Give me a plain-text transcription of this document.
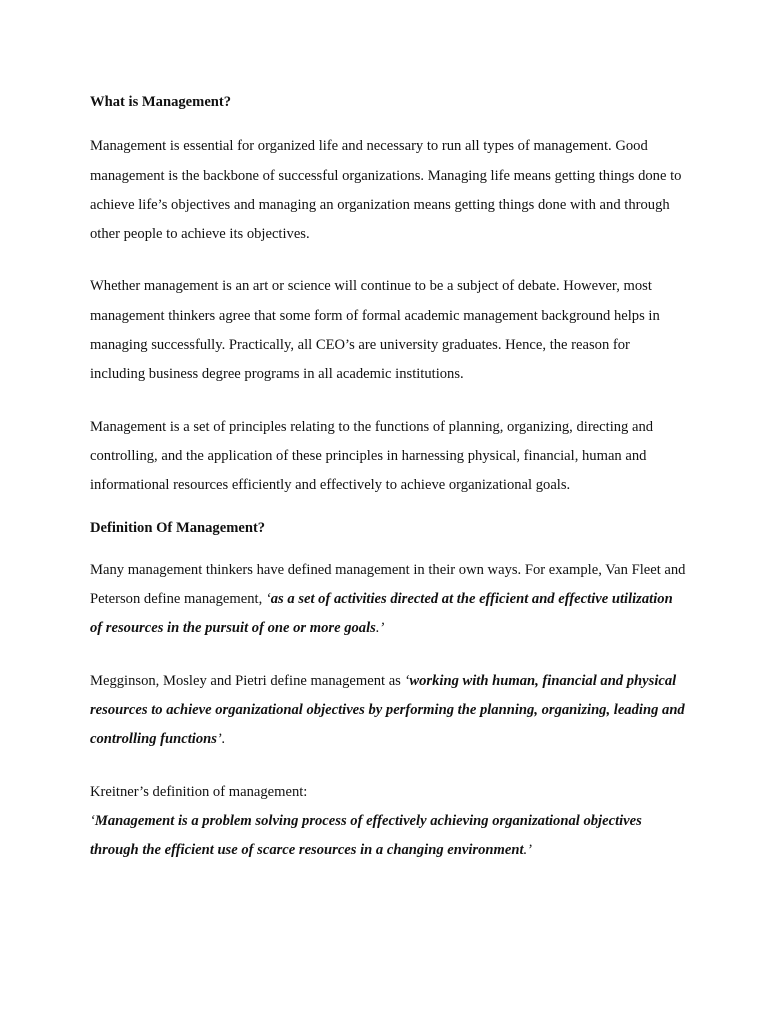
What is Management?

Management is essential for organized life and necessary to run all types of management. Good management is the backbone of successful organizations. Managing life means getting things done to achieve life’s objectives and managing an organization means getting things done with and through other people to achieve its objectives.

Whether management is an art or science will continue to be a subject of debate. However, most management thinkers agree that some form of formal academic management background helps in managing successfully. Practically, all CEO’s are university graduates. Hence, the reason for including business degree programs in all academic institutions.

Management is a set of principles relating to the functions of planning, organizing, directing and controlling, and the application of these principles in harnessing physical, financial, human and informational resources efficiently and effectively to achieve organizational goals.

Definition Of Management?

Many management thinkers have defined management in their own ways. For example, Van Fleet and Peterson define management, ‘as a set of activities directed at the efficient and effective utilization of resources in the pursuit of one or more goals.’

Megginson, Mosley and Pietri define management as ‘working with human, financial and physical resources to achieve organizational objectives by performing the planning, organizing, leading and controlling functions’.

Kreitner’s definition of management:

‘Management is a problem solving process of effectively achieving organizational objectives through the efficient use of scarce resources in a changing environment.’
